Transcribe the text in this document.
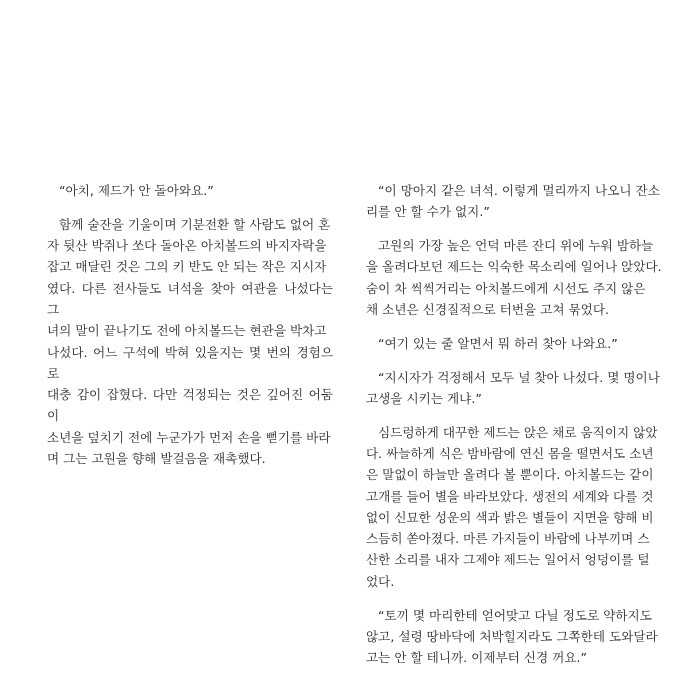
“아치, 제드가 안 돌아와요.”

함께 술잔을 기울이며 기분전환 할 사람도 없어 혼
자 뒷산 박쥐나 쏘다 돌아온 아치볼드의 바지자락을
잡고 매달린 것은 그의 키 반도 안 되는 작은 지시자
였다. 다른 전사들도 녀석을 찾아 여관을 나섰다는 그
녀의 말이 끝나기도 전에 아치볼드는 현관을 박차고
나섰다. 어느 구석에 박혀 있을지는 몇 번의 경험으로
대충 감이 잡혔다. 다만 걱정되는 것은 깊어진 어둠이
소년을 덮치기 전에 누군가가 먼저 손을 뻗기를 바라
며 그는 고원을 향해 발걸음을 재촉했다.

“이 망아지 같은 녀석. 이렇게 멀리까지 나오니 잔소
리를 안 할 수가 없지.”

고원의 가장 높은 언덕 마른 잔디 위에 누워 밤하늘
을 올려다보던 제드는 익숙한 목소리에 일어나 앉았다.
숨이 차 씩씩거리는 아치볼드에게 시선도 주지 않은
채 소년은 신경질적으로 터번을 고쳐 묶었다.

“여기 있는 줄 알면서 뭐 하러 찾아 나와요.”

“지시자가 걱정해서 모두 널 찾아 나섰다. 몇 명이나
고생을 시키는 게냐.”

심드렁하게 대꾸한 제드는 앉은 채로 움직이지 않았
다. 싸늘하게 식은 밤바람에 연신 몸을 떨면서도 소년
은 말없이 하늘만 올려다 볼 뿐이다. 아치볼드는 같이
고개를 들어 별을 바라보았다. 생전의 세계와 다를 것
없이 신묘한 성운의 색과 밝은 별들이 지면을 향해 비
스듬히 쏟아졌다. 마른 가지들이 바람에 나부끼며 스
산한 소리를 내자 그제야 제드는 일어서 엉덩이를 털
었다.

“토끼 몇 마리한테 얻어맞고 다닐 정도로 약하지도
않고, 설령 땅바닥에 처박힐지라도 그쪽한테 도와달라
고는 안 할 테니까. 이제부터 신경 꺼요.”
